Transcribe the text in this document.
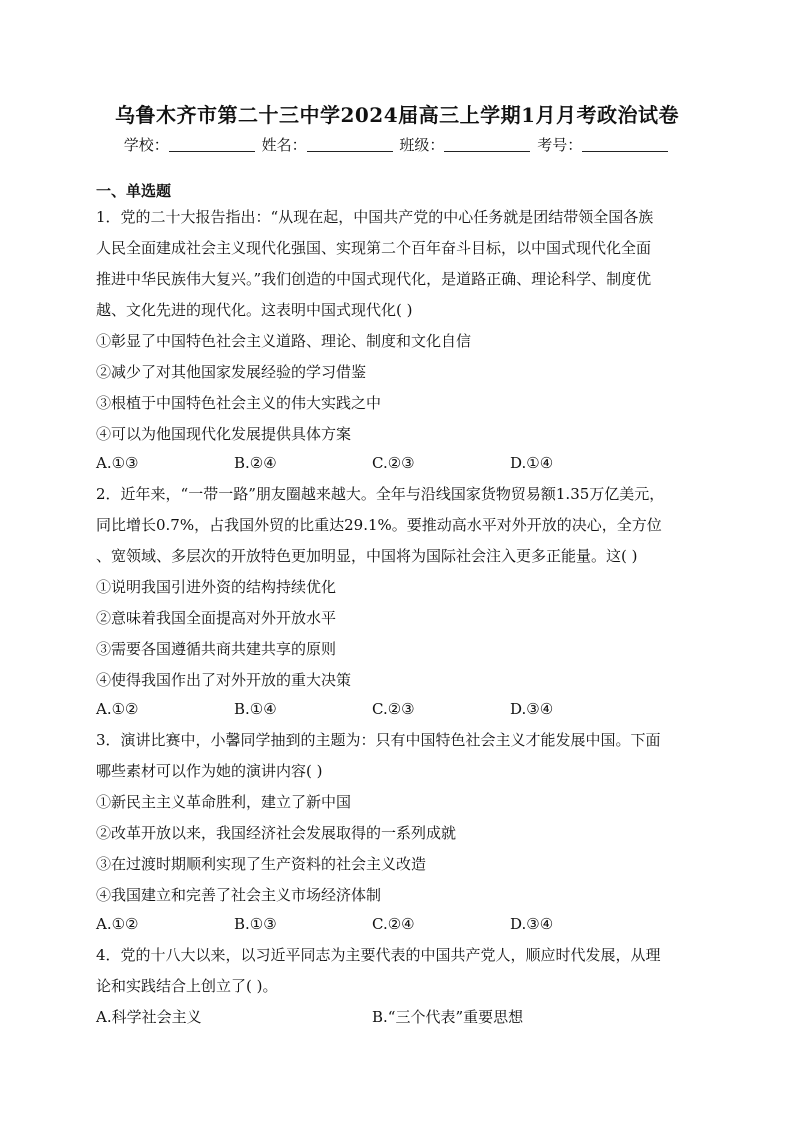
乌鲁木齐市第二十三中学2024届高三上学期1月月考政治试卷
学校：	姓名：	班级：	考号：
一、单选题
1．党的二十大报告指出：“从现在起，中国共产党的中心任务就是团结带领全国各族
人民全面建成社会主义现代化强国、实现第二个百年奋斗目标，以中国式现代化全面
推进中华民族伟大复兴。”我们创造的中国式现代化，是道路正确、理论科学、制度优
越、文化先进的现代化。这表明中国式现代化( )
①彰显了中国特色社会主义道路、理论、制度和文化自信
②减少了对其他国家发展经验的学习借鉴
③根植于中国特色社会主义的伟大实践之中
④可以为他国现代化发展提供具体方案
A.①③	B.②④	C.②③	D.①④
2．近年来，“一带一路”朋友圈越来越大。全年与沿线国家货物贸易额1.35万亿美元，
同比增长0.7%，占我国外贸的比重达29.1%。要推动高水平对外开放的决心，全方位
、宽领域、多层次的开放特色更加明显，中国将为国际社会注入更多正能量。这( )
①说明我国引进外资的结构持续优化
②意味着我国全面提高对外开放水平
③需要各国遵循共商共建共享的原则
④使得我国作出了对外开放的重大决策
A.①②	B.①④	C.②③	D.③④
3．演讲比赛中，小馨同学抽到的主题为：只有中国特色社会主义才能发展中国。下面
哪些素材可以作为她的演讲内容( )
①新民主主义革命胜利，建立了新中国
②改革开放以来，我国经济社会发展取得的一系列成就
③在过渡时期顺利实现了生产资料的社会主义改造
④我国建立和完善了社会主义市场经济体制
A.①②	B.①③	C.②④	D.③④
4．党的十八大以来，以习近平同志为主要代表的中国共产党人，顺应时代发展，从理
论和实践结合上创立了( )。
A.科学社会主义	B.“三个代表”重要思想
